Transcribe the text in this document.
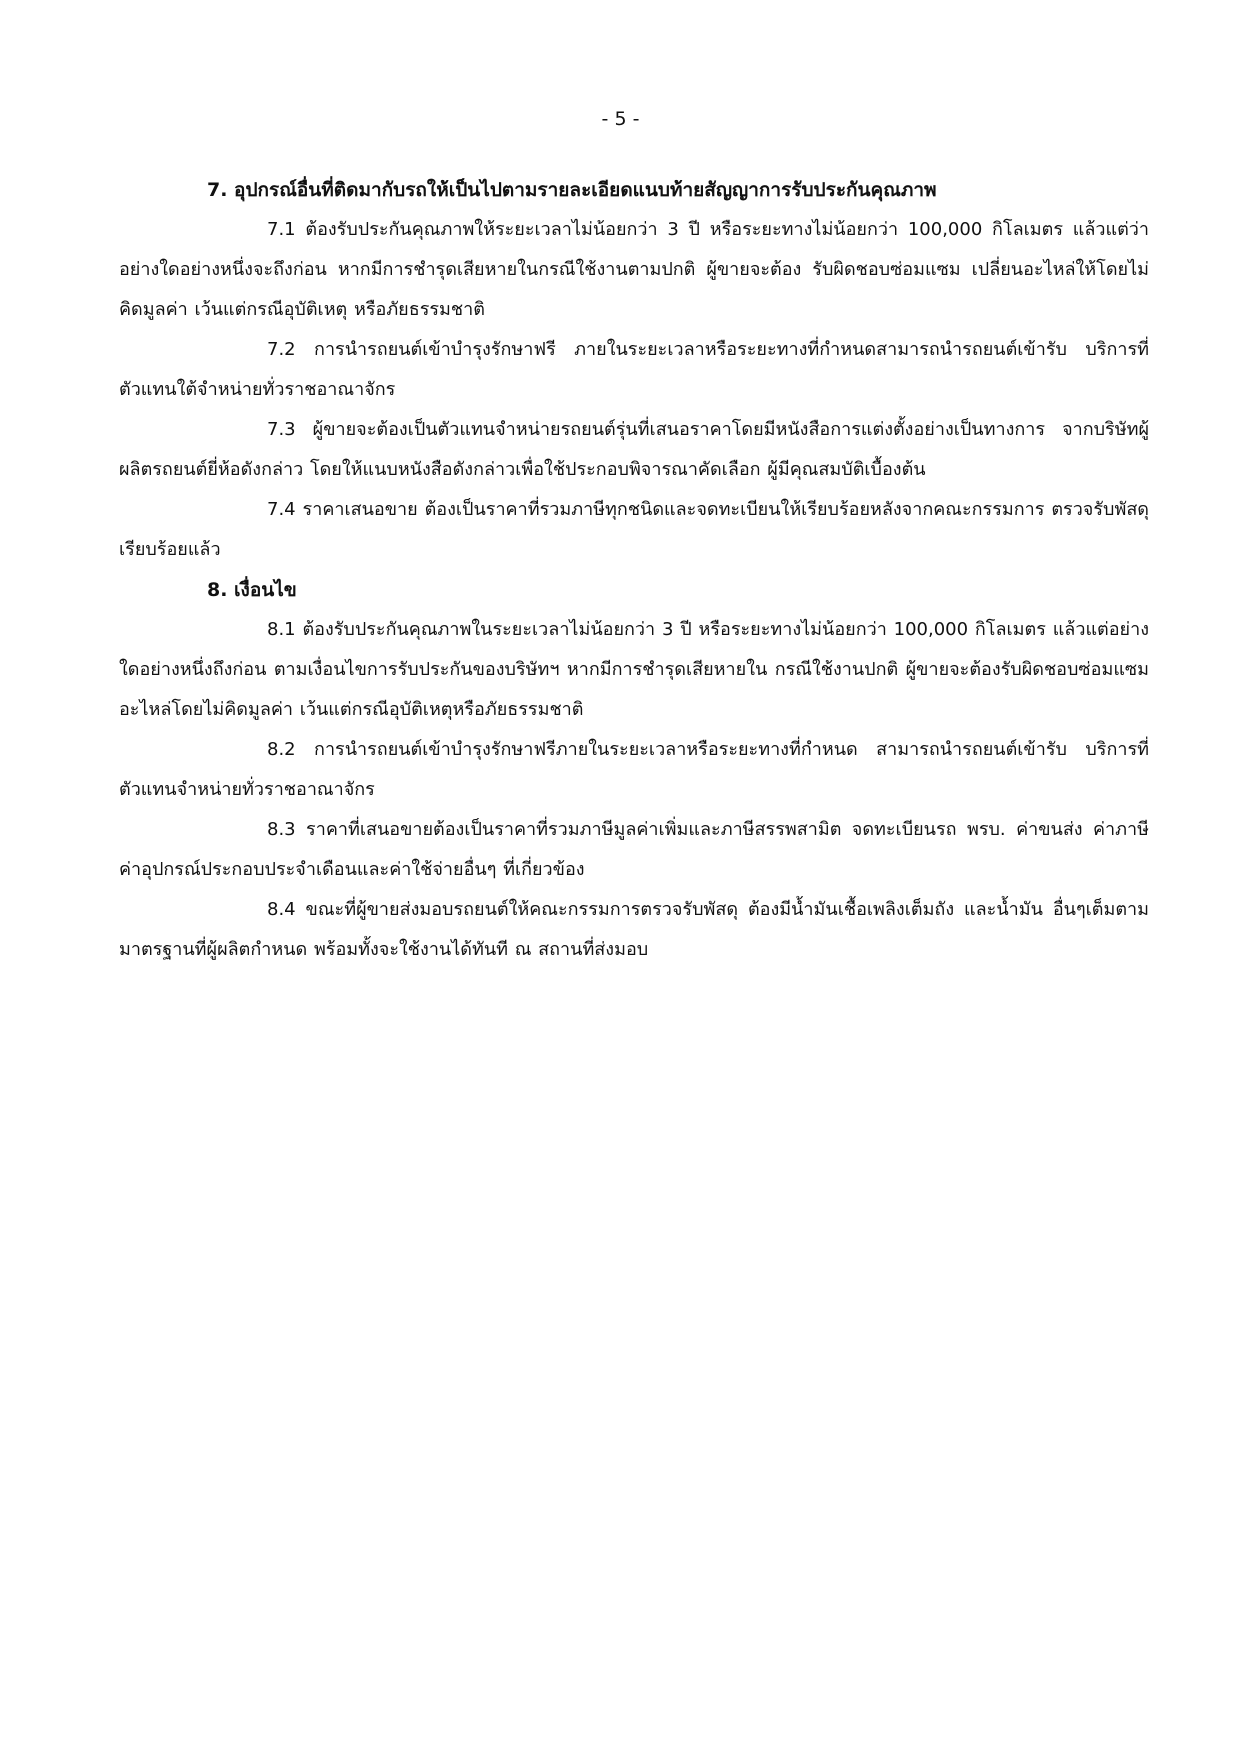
- 5 -
7. อุปกรณ์อื่นที่ติดมากับรถให้เป็นไปตามรายละเอียดแนบท้ายสัญญาการรับประกันคุณภาพ

7.1 ต้องรับประกันคุณภาพให้ระยะเวลาไม่น้อยกว่า 3 ปี หรือระยะทางไม่น้อยกว่า 100,000 กิโลเมตร แล้วแต่ว่าอย่างใดอย่างหนึ่งจะถึงก่อน หากมีการชำรุดเสียหายในกรณีใช้งานตามปกติ ผู้ขายจะต้อง รับผิดชอบซ่อมแซม เปลี่ยนอะไหล่ให้โดยไม่คิดมูลค่า เว้นแต่กรณีอุบัติเหตุ หรือภัยธรรมชาติ

7.2 การนำรถยนต์เข้าบำรุงรักษาฟรี ภายในระยะเวลาหรือระยะทางที่กำหนดสามารถนำรถยนต์เข้ารับ บริการที่ตัวแทนใต้จำหน่ายทั่วราชอาณาจักร

7.3 ผู้ขายจะต้องเป็นตัวแทนจำหน่ายรถยนต์รุ่นที่เสนอราคาโดยมีหนังสือการแต่งตั้งอย่างเป็นทางการ จากบริษัทผู้ผลิตรถยนต์ยี่ห้อดังกล่าว โดยให้แนบหนังสือดังกล่าวเพื่อใช้ประกอบพิจารณาคัดเลือก ผู้มีคุณสมบัติเบื้องต้น

7.4 ราคาเสนอขาย ต้องเป็นราคาที่รวมภาษีทุกชนิดและจดทะเบียนให้เรียบร้อยหลังจากคณะกรรมการ ตรวจรับพัสดุเรียบร้อยแล้ว

8. เงื่อนไข

8.1 ต้องรับประกันคุณภาพในระยะเวลาไม่น้อยกว่า 3 ปี หรือระยะทางไม่น้อยกว่า 100,000 กิโลเมตร แล้วแต่อย่างใดอย่างหนึ่งถึงก่อน ตามเงื่อนไขการรับประกันของบริษัทฯ หากมีการชำรุดเสียหายใน กรณีใช้งานปกติ ผู้ขายจะต้องรับผิดชอบซ่อมแซมอะไหล่โดยไม่คิดมูลค่า เว้นแต่กรณีอุบัติเหตุหรือภัยธรรมชาติ

8.2 การนำรถยนต์เข้าบำรุงรักษาฟรีภายในระยะเวลาหรือระยะทางที่กำหนด สามารถนำรถยนต์เข้ารับ บริการที่ตัวแทนจำหน่ายทั่วราชอาณาจักร

8.3 ราคาที่เสนอขายต้องเป็นราคาที่รวมภาษีมูลค่าเพิ่มและภาษีสรรพสามิต จดทะเบียนรถ พรบ. ค่าขนส่ง ค่าภาษี ค่าอุปกรณ์ประกอบประจำเดือนและค่าใช้จ่ายอื่นๆ ที่เกี่ยวข้อง

8.4 ขณะที่ผู้ขายส่งมอบรถยนต์ให้คณะกรรมการตรวจรับพัสดุ ต้องมีน้ำมันเชื้อเพลิงเต็มถัง และน้ำมัน อื่นๆเต็มตามมาตรฐานที่ผู้ผลิตกำหนด พร้อมทั้งจะใช้งานได้ทันที ณ สถานที่ส่งมอบ
